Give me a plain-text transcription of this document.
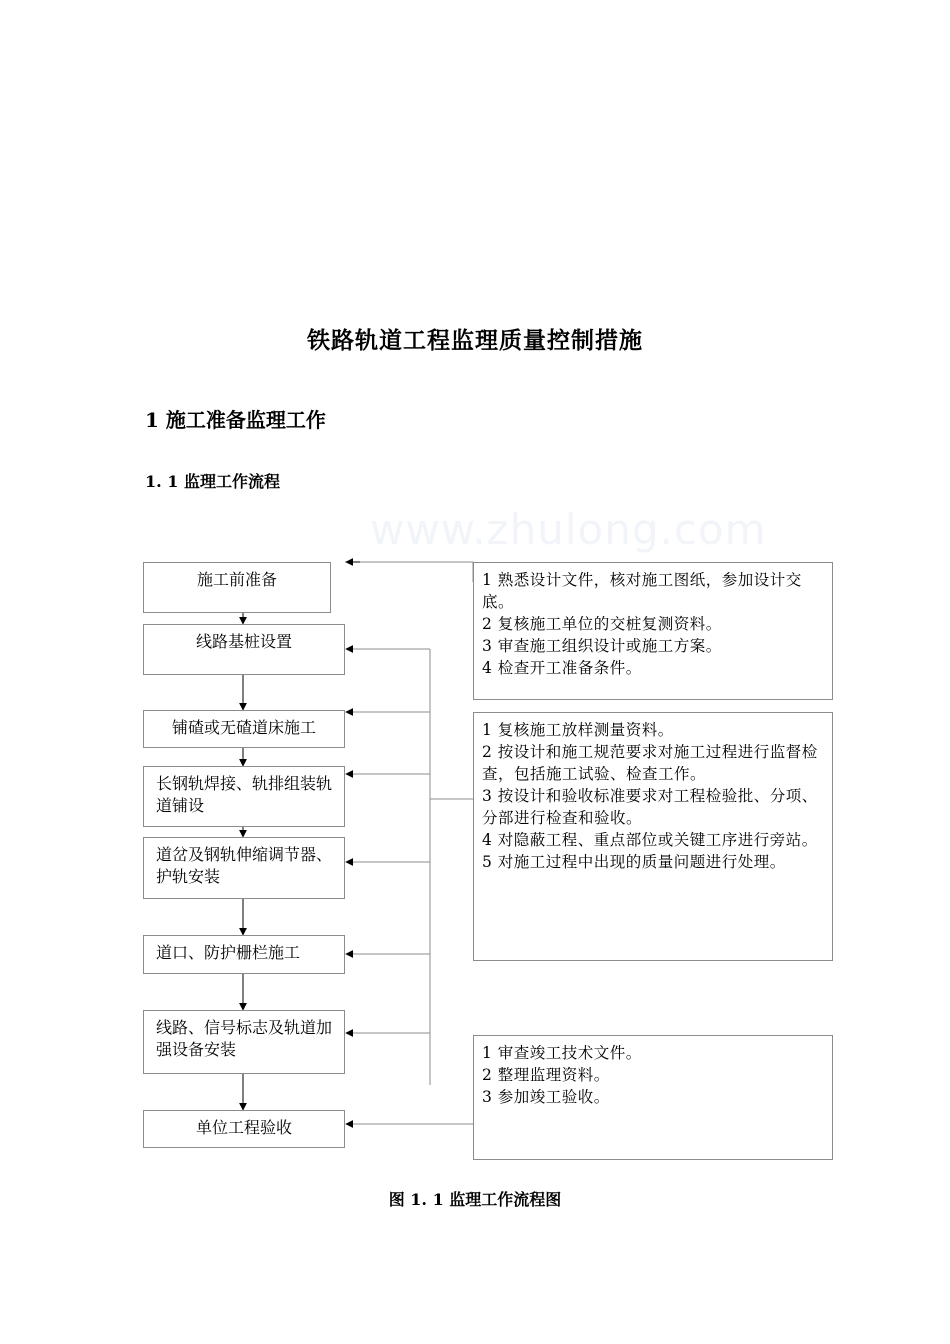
www.zhulong.com
铁路轨道工程监理质量控制措施
1 施工准备监理工作
1. 1 监理工作流程
施工前准备
线路基桩设置
铺碴或无碴道床施工
长钢轨焊接、轨排组装轨道铺设
道岔及钢轨伸缩调节器、护轨安装
道口、防护栅栏施工
线路、信号标志及轨道加强设备安装
单位工程验收
1 熟悉设计文件，核对施工图纸，参加设计交底。
2 复核施工单位的交桩复测资料。
3 审查施工组织设计或施工方案。
4 检查开工准备条件。
1 复核施工放样测量资料。
2 按设计和施工规范要求对施工过程进行监督检查，包括施工试验、检查工作。
3 按设计和验收标准要求对工程检验批、分项、分部进行检查和验收。
4 对隐蔽工程、重点部位或关键工序进行旁站。
5 对施工过程中出现的质量问题进行处理。
1 审查竣工技术文件。
2 整理监理资料。
3 参加竣工验收。
图 1. 1 监理工作流程图
